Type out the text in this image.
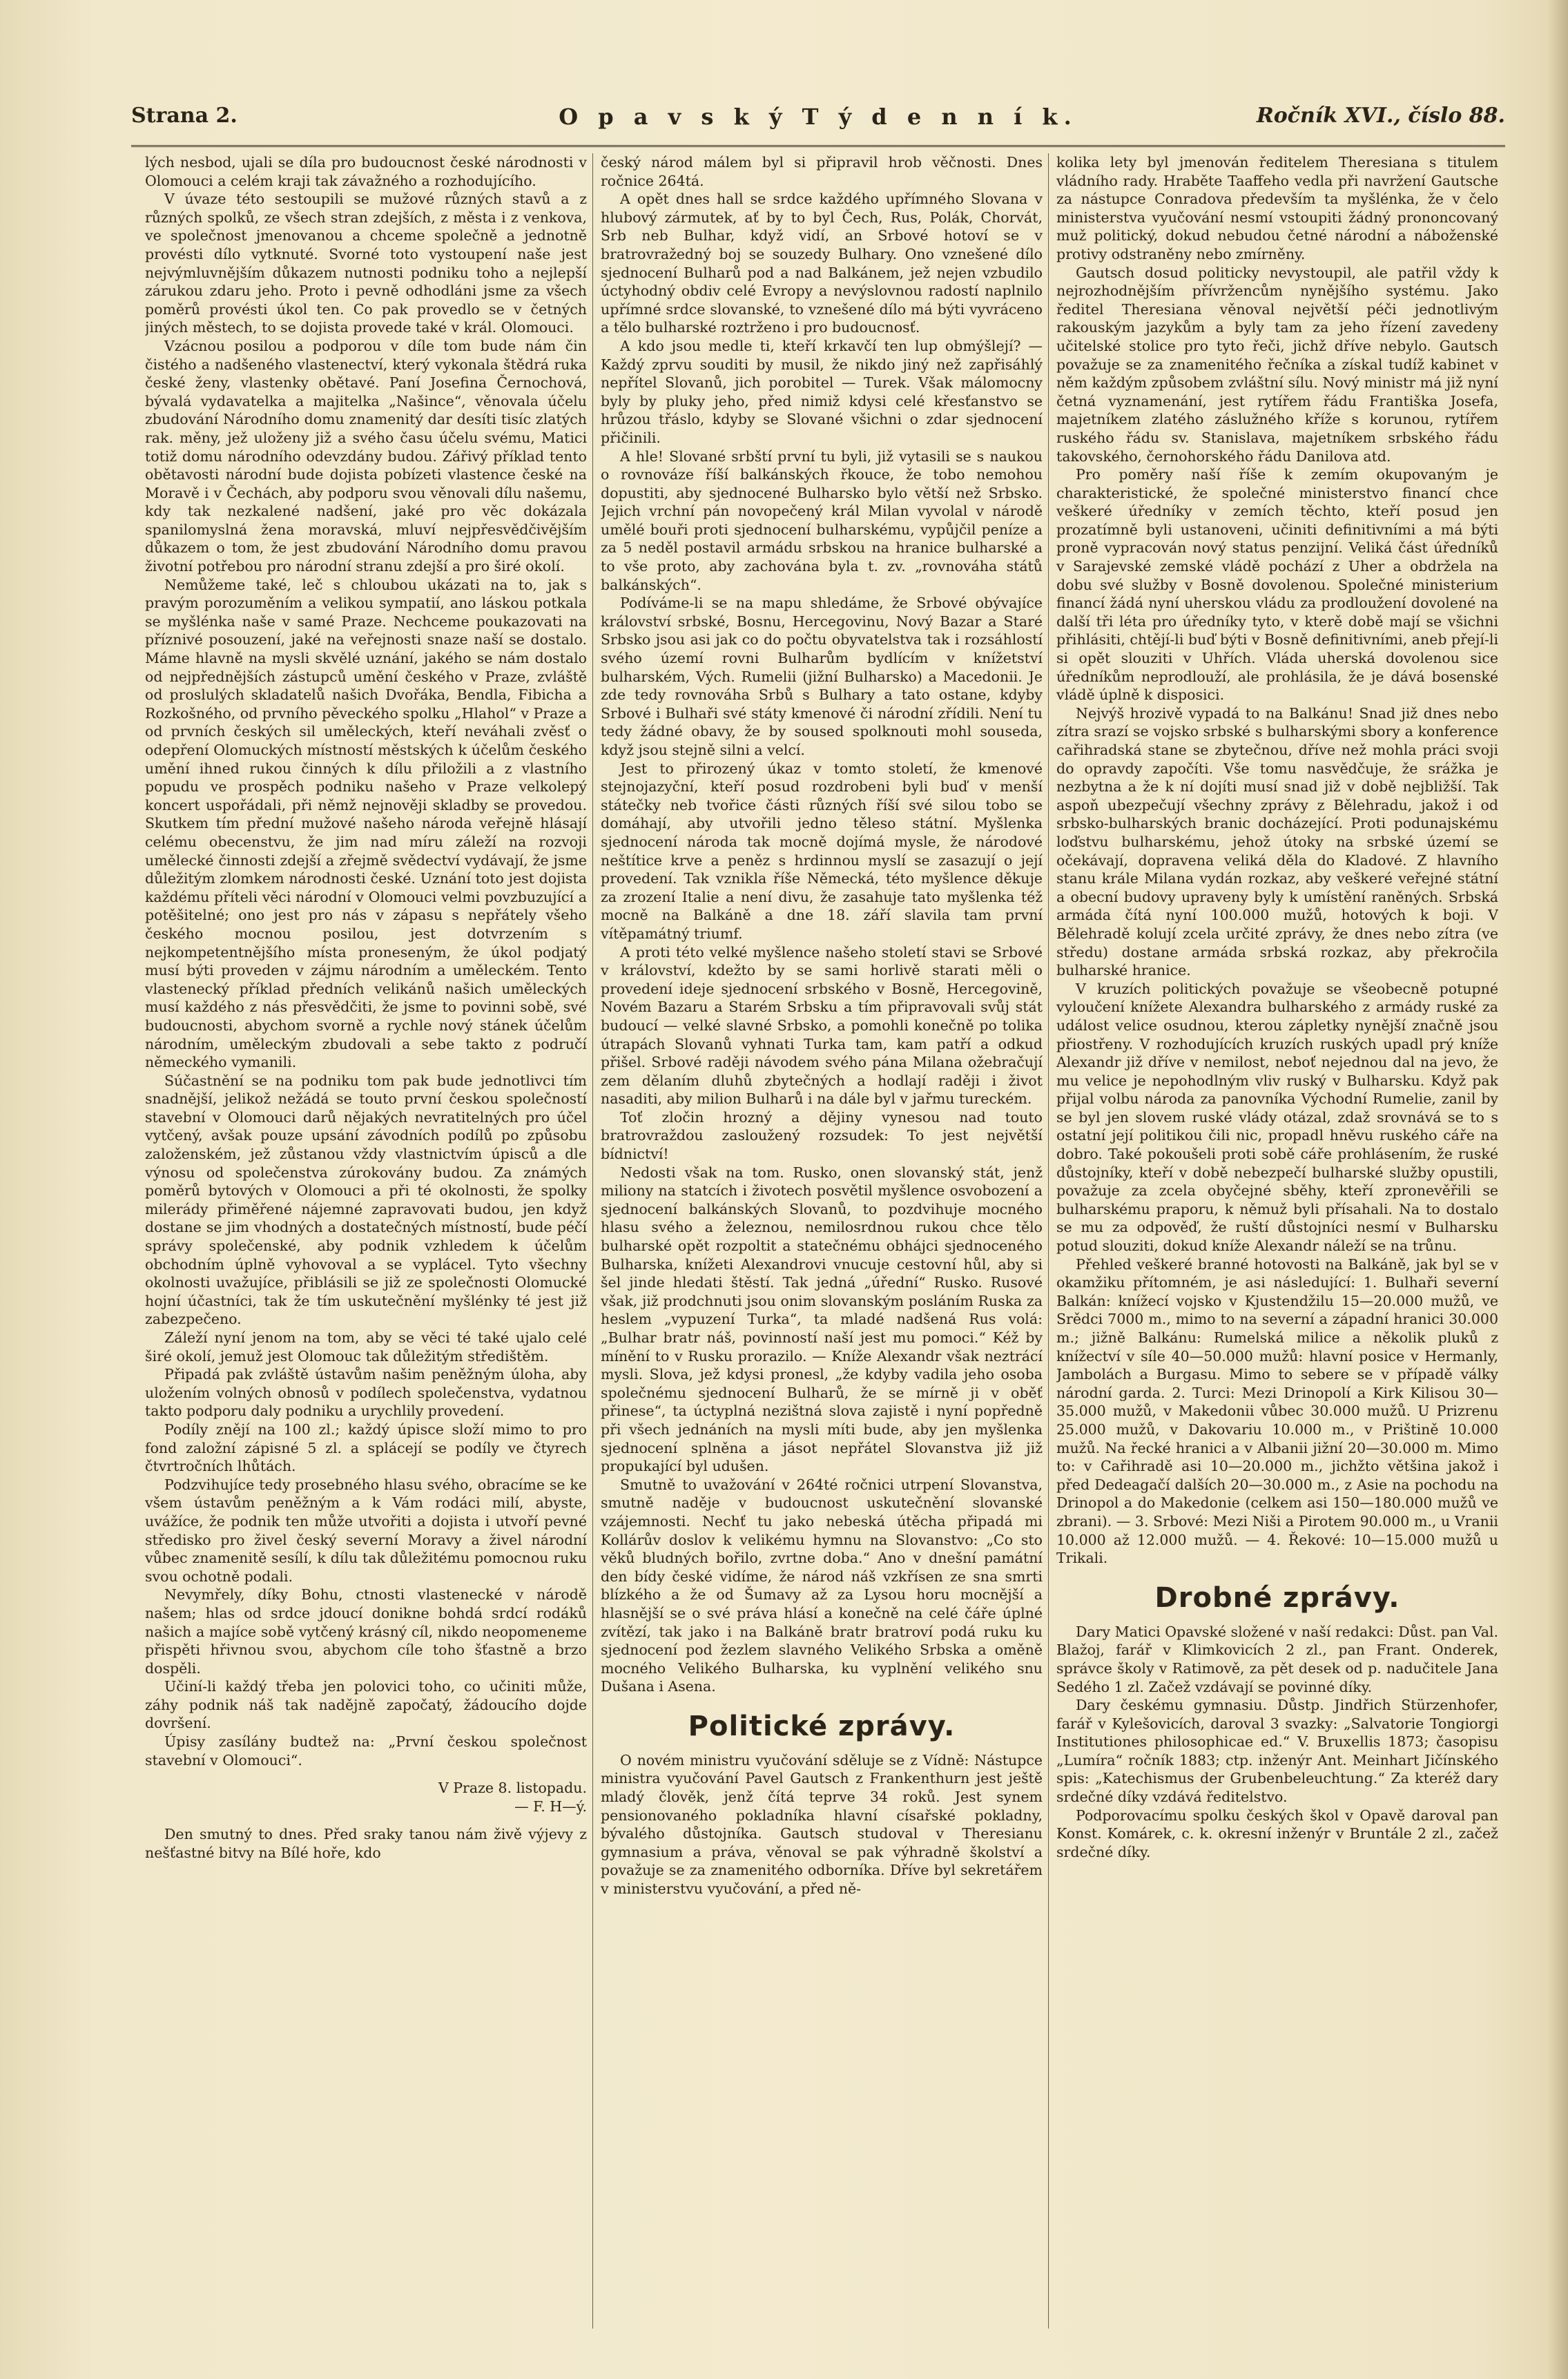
Strana 2.	O p a v s k ý T ý d e n n í k.	Ročník XVI., číslo 88.

lých nesbod, ujali se díla pro budoucnost české národnosti v Olomouci a celém kraji tak závažného a rozhodujícího.

V úvaze této sestoupili se mužové různých stavů a z různých spolků, ze všech stran zdejších, z města i z venkova, ve společnost jmenovanou a chceme společně a jednotně provésti dílo vytknuté. Svorné toto vystoupení naše jest nejvýmluvnějším důkazem nutnosti podniku toho a nejlepší zárukou zdaru jeho. Proto i pevně odhodláni jsme za všech poměrů provésti úkol ten. Co pak provedlo se v četných jiných městech, to se dojista provede také v král. Olomouci.

Vzácnou posilou a podporou v díle tom bude nám čin čistého a nadšeného vlastenectví, který vykonala štědrá ruka české ženy, vlastenky obětavé. Paní Josefina Černochová, bývalá vydavatelka a majitelka „Našince“, věnovala účelu zbudování Národního domu znamenitý dar desíti tisíc zlatých rak. měny, jež uloženy již a svého času účelu svému, Matici totiž domu národního odevzdány budou. Zářivý příklad tento obětavosti národní bude dojista pobízeti vlastence české na Moravě i v Čechách, aby podporu svou věnovali dílu našemu, kdy tak nezkalené nadšení, jaké pro věc dokázala spanilomyslná žena moravská, mluví nejpřesvědčivějším důkazem o tom, že jest zbudování Národního domu pravou životní potřebou pro národní stranu zdejší a pro širé okolí.

Nemůžeme také, leč s chloubou ukázati na to, jak s pravým porozuměním a velikou sympatií, ano láskou potkala se myšlénka naše v samé Praze. Nechceme poukazovati na příznivé posouzení, jaké na veřejnosti snaze naší se dostalo. Máme hlavně na mysli skvělé uznání, jakého se nám dostalo od nejpřednějších zástupců umění českého v Praze, zvláště od proslulých skladatelů našich Dvořáka, Bendla, Fibicha a Rozkošného, od prvního pěveckého spolku „Hlahol“ v Praze a od prvních českých sil uměleckých, kteří neváhali zvěsť o odepření Olomuckých místností městských k účelům českého umění ihned rukou činných k dílu přiložili a z vlastního popudu ve prospěch podniku našeho v Praze velkolepý koncert uspořádali, při němž nejnověji skladby se provedou. Skutkem tím přední mužové našeho národa veřejně hlásají celému obecenstvu, že jim nad míru záleží na rozvoji umělecké činnosti zdejší a zřejmě svědectví vydávají, že jsme důležitým zlomkem národnosti české. Uznání toto jest dojista každému příteli věci národní v Olomouci velmi povzbuzující a potěšitelné; ono jest pro nás v zápasu s nepřátely všeho českého mocnou posilou, jest dotvrzením s nejkompetentnějšího místa proneseným, že úkol podjatý musí býti proveden v zájmu národním a uměleckém. Tento vlastenecký příklad předních velikánů našich uměleckých musí každého z nás přesvědčiti, že jsme to povinni sobě, své budoucnosti, abychom svorně a rychle nový stánek účelům národním, uměleckým zbudovali a sebe takto z područí německého vymanili.

Súčastnění se na podniku tom pak bude jednotlivci tím snadnější, jelikož nežádá se touto první českou společností stavební v Olomouci darů nějakých nevratitelných pro účel vytčený, avšak pouze upsání závodních podílů po způsobu založenském, jež zůstanou vždy vlastnictvím úpisců a dle výnosu od společenstva zúrokovány budou. Za známých poměrů bytových v Olomouci a při té okolnosti, že spolky milerády přiměřené nájemné zapravovati budou, jen když dostane se jim vhodných a dostatečných místností, bude péčí správy společenské, aby podnik vzhledem k účelům obchodním úplně vyhovoval a se vyplácel. Tyto všechny okolnosti uvažujíce, přiblásili se již ze společnosti Olomucké hojní účastníci, tak že tím uskutečnění myšlénky té jest již zabezpečeno.

Záleží nyní jenom na tom, aby se věci té také ujalo celé širé okolí, jemuž jest Olomouc tak důležitým středištěm.

Připadá pak zvláště ústavům našim peněžným úloha, aby uložením volných obnosů v podílech společenstva, vydatnou takto podporu daly podniku a urychlily provedení.

Podíly znějí na 100 zl.; každý úpisce složí mimo to pro fond založní zápisné 5 zl. a splácejí se podíly ve čtyrech čtvrtročních lhůtách.

Podzvihujíce tedy prosebného hlasu svého, obracíme se ke všem ústavům peněžným a k Vám rodáci milí, abyste, uvážíce, že podnik ten může utvořiti a dojista i utvoří pevné středisko pro živel český severní Moravy a živel národní vůbec znamenitě sesílí, k dílu tak důležitému pomocnou ruku svou ochotně podali.

Nevymřely, díky Bohu, ctnosti vlastenecké v národě našem; hlas od srdce jdoucí donikne bohdá srdcí rodáků našich a majíce sobě vytčený krásný cíl, nikdo neopomeneme přispěti hřivnou svou, abychom cíle toho šťastně a brzo dospěli.

Učiní-li každý třeba jen polovici toho, co učiniti může, záhy podnik náš tak nadějně započatý, žádoucího dojde dovršení.

Úpisy zasílány budtež na: „První českou společnost stavební v Olomouci“.

V Praze 8. listopadu.

— F. H—ý.

Den smutný to dnes. Před sraky tanou nám živě výjevy z nešťastné bitvy na Bílé hoře, kdo

český národ málem byl si připravil hrob věčnosti. Dnes ročnice 264tá.

A opět dnes hall se srdce každého upřímného Slovana v hlubový zármutek, ať by to byl Čech, Rus, Polák, Chorvát, Srb neb Bulhar, když vidí, an Srbové hotoví se v bratrovražedný boj se souzedy Bulhary. Ono vznešené dílo sjednocení Bulharů pod a nad Balkánem, jež nejen vzbudilo úctyhodný obdiv celé Evropy a nevýslovnou radostí naplnilo upřímné srdce slovanské, to vznešené dílo má býti vyvráceno a tělo bulharské roztrženo i pro budoucnosť.

A kdo jsou medle ti, kteří krkavčí ten lup obmýšlejí? — Každý zprvu souditi by musil, že nikdo jiný než zapřisáhlý nepřítel Slovanů, jich porobitel — Turek. Však málomocny byly by pluky jeho, před nimiž kdysi celé křesťanstvo se hrůzou třáslo, kdyby se Slované všichni o zdar sjednocení přičinili.

A hle! Slované srbští první tu byli, již vytasili se s naukou o rovnováze říší balkánských řkouce, že tobo nemohou dopustiti, aby sjednocené Bulharsko bylo větší než Srbsko. Jejich vrchní pán novopečený král Milan vyvolal v národě umělé bouři proti sjednocení bulharskému, vypůjčil peníze a za 5 neděl postavil armádu srbskou na hranice bulharské a to vše proto, aby zachována byla t. zv. „rovnováha států balkánských“.

Podíváme-li se na mapu shledáme, že Srbové obývajíce království srbské, Bosnu, Hercegovinu, Nový Bazar a Staré Srbsko jsou asi jak co do počtu obyvatelstva tak i rozsáhlostí svého území rovni Bulharům bydlícím v knížetství bulharském, Vých. Rumelii (jižní Bulharsko) a Macedonii. Je zde tedy rovnováha Srbů s Bulhary a tato ostane, kdyby Srbové i Bulhaři své státy kmenové či národní zřídili. Není tu tedy žádné obavy, že by soused spolknouti mohl souseda, když jsou stejně silni a velcí.

Jest to přirozený úkaz v tomto století, že kmenové stejnojazyční, kteří posud rozdrobeni byli buď v menší státečky neb tvořice části různých říší své silou tobo se domáhají, aby utvořili jedno těleso státní. Myšlenka sjednocení národa tak mocně dojímá mysle, že národové neštítice krve a peněz s hrdinnou myslí se zasazují o její provedení. Tak vznikla říše Německá, této myšlence děkuje za zrození Italie a není divu, že zasahuje tato myšlenka též mocně na Balkáně a dne 18. září slavila tam první vítěpamátný triumf.

A proti této velké myšlence našeho století stavi se Srbové v království, kdežto by se sami horlivě starati měli o provedení ideje sjednocení srbského v Bosně, Hercegovině, Novém Bazaru a Starém Srbsku a tím připravovali svůj stát budoucí — velké slavné Srbsko, a pomohli konečně po tolika útrapách Slovanů vyhnati Turka tam, kam patří a odkud přišel. Srbové raději návodem svého pána Milana ožebračují zem dělaním dluhů zbytečných a hodlají raději i život nasaditi, aby milion Bulharů i na dále byl v jařmu tureckém.

Toť zločin hrozný a dějiny vynesou nad touto bratrovraždou zasloužený rozsudek: To jest největší bídnictví!

Nedosti však na tom. Rusko, onen slovanský stát, jenž miliony na statcích i životech posvětil myšlence osvobození a sjednocení balkánských Slovanů, to pozdvihuje mocného hlasu svého a železnou, nemilosrdnou rukou chce tělo bulharské opět rozpoltit a statečnému obhájci sjednoceného Bulharska, knížeti Alexandrovi vnucuje cestovní hůl, aby si šel jinde hledati štěstí. Tak jedná „úřední“ Rusko. Rusové však, již prodchnuti jsou onim slovanským posláním Ruska za heslem „vypuzení Turka“, ta mladé nadšená Rus volá: „Bulhar bratr náš, povinností naší jest mu pomoci.“ Kéž by mínění to v Rusku prorazilo. — Kníže Alexandr však neztrácí mysli. Slova, jež kdysi pronesl, „že kdyby vadila jeho osoba společnému sjednocení Bulharů, že se mírně ji v oběť přinese“, ta úctyplná nezištná slova zajistě i nyní popředně při všech jednáních na mysli míti bude, aby jen myšlenka sjednocení splněna a jásot nepřátel Slovanstva již již propukající byl udušen.

Smutně to uvažování v 264té ročnici utrpení Slovanstva, smutně naděje v budoucnost uskutečnění slovanské vzájemnosti. Nechť tu jako nebeská útěcha připadá mi Kollárův doslov k velikému hymnu na Slovanstvo: „Co sto věků bludných bořilo, zvrtne doba.“ Ano v dnešní památní den bídy české vidíme, že národ náš vzkřísen ze sna smrti blízkého a že od Šumavy až za Lysou horu mocnější a hlasnější se o své práva hlásí a konečně na celé čáře úplné zvítězí, tak jako i na Balkáně bratr bratroví podá ruku ku sjednocení pod žezlem slavného Velikého Srbska a oměně mocného Velikého Bulharska, ku vyplnění velikého snu Dušana i Asena.

Politické zprávy.

O novém ministru vyučování sděluje se z Vídně: Nástupce ministra vyučování Pavel Gautsch z Frankenthurn jest ještě mladý člověk, jenž čítá teprve 34 roků. Jest synem pensionovaného pokladníka hlavní císařské pokladny, bývalého důstojníka. Gautsch studoval v Theresianu gymnasium a práva, věnoval se pak výhradně školství a považuje se za znamenitého odborníka. Dříve byl sekretářem v ministerstvu vyučování, a před ně-

kolika lety byl jmenován ředitelem Theresiana s titulem vládního rady. Hraběte Taaffeho vedla při navržení Gautsche za nástupce Conradova především ta myšlénka, že v čelo ministerstva vyučování nesmí vstoupiti žádný prononcovaný muž politický, dokud nebudou četné národní a náboženské protivy odstraněny nebo zmírněny.

Gautsch dosud politicky nevystoupil, ale patřil vždy k nejrozhodnějším přívržencům nynějšího systému. Jako ředitel Theresiana věnoval největší péči jednotlivým rakouským jazykům a byly tam za jeho řízení zavedeny učitelské stolice pro tyto řeči, jichž dříve nebylo. Gautsch považuje se za znamenitého řečníka a získal tudíž kabinet v něm každým způsobem zvláštní sílu. Nový ministr má již nyní četná vyznamenání, jest rytířem řádu Františka Josefa, majetníkem zlatého záslužného kříže s korunou, rytířem ruského řádu sv. Stanislava, majetníkem srbského řádu takovského, černohorského řádu Danilova atd.

Pro poměry naší říše k zemím okupovaným je charakteristické, že společné ministerstvo financí chce veškeré úředníky v zemích těchto, kteří posud jen prozatímně byli ustanoveni, učiniti definitivními a má býti proně vypracován nový status penzijní. Veliká část úředníků v Sarajevské zemské vládě pochází z Uher a obdržela na dobu své služby v Bosně dovolenou. Společné ministerium financí žádá nyní uherskou vládu za prodloužení dovolené na další tři léta pro úředníky tyto, v kterě době mají se všichni přihlásiti, chtějí-li buď býti v Bosně definitivními, aneb přejí-li si opět slouziti v Uhřích. Vláda uherská dovolenou sice úředníkům neprodlouží, ale prohlásila, že je dává bosenské vládě úplně k disposici.

Nejvýš hrozivě vypadá to na Balkánu! Snad již dnes nebo zítra srazí se vojsko srbské s bulharskými sbory a konference cařihradská stane se zbytečnou, dříve než mohla práci svoji do opravdy započíti. Vše tomu nasvědčuje, že srážka je nezbytna a že k ní dojíti musí snad již v době nejbližší. Tak aspoň ubezpečují všechny zprávy z Bělehradu, jakož i od srbsko-bulharských branic docházející. Proti podunajskému loďstvu bulharskému, jehož útoky na srbské území se očekávají, dopravena veliká děla do Kladové. Z hlavního stanu krále Milana vydán rozkaz, aby veškeré veřejné státní a obecní budovy upraveny byly k umístění raněných. Srbská armáda čítá nyní 100.000 mužů, hotových k boji. V Bělehradě kolují zcela určité zprávy, že dnes nebo zítra (ve středu) dostane armáda srbská rozkaz, aby překročila bulharské hranice.

V kruzích politických považuje se všeobecně potupné vyloučení knížete Alexandra bulharského z armády ruské za událost velice osudnou, kterou zápletky nynější značně jsou přiostřeny. V rozhodujících kruzích ruských upadl prý kníže Alexandr již dříve v nemilost, neboť nejednou dal na jevo, že mu velice je nepohodlným vliv ruský v Bulharsku. Když pak přijal volbu národa za panovníka Východní Rumelie, zanil by se byl jen slovem ruské vlády otázal, zdaž srovnává se to s ostatní její politikou čili nic, propadl hněvu ruského cáře na dobro. Také pokoušeli proti sobě cáře prohlásením, že ruské důstojníky, kteří v době nebezpečí bulharské služby opustili, považuje za zcela obyčejné sběhy, kteří zpronevěřili se bulharskému praporu, k němuž byli přísahali. Na to dostalo se mu za odpověď, že ruští důstojníci nesmí v Bulharsku potud slouziti, dokud kníže Alexandr náleží se na trůnu.

Přehled veškeré branné hotovosti na Balkáně, jak byl se v okamžiku přítomném, je asi následující: 1. Bulhaři severní Balkán: knížecí vojsko v Kjustendžilu 15—20.000 mužů, ve Srědci 7000 m., mimo to na severní a západní hranici 30.000 m.; jižně Balkánu: Rumelská milice a několik pluků z knížectví v síle 40—50.000 mužů: hlavní posice v Hermanly, Jambolách a Burgasu. Mimo to sebere se v případě války národní garda. 2. Turci: Mezi Drinopolí a Kirk Kilisou 30—35.000 mužů, v Makedonii vůbec 30.000 mužů. U Prizrenu 25.000 mužů, v Dakovariu 10.000 m., v Prištině 10.000 mužů. Na řecké hranici a v Albanii jižní 20—30.000 m. Mimo to: v Cařihradě asi 10—20.000 m., jichžto většina jakož i před Dedeagačí dalších 20—30.000 m., z Asie na pochodu na Drinopol a do Makedonie (celkem asi 150—180.000 mužů ve zbrani). — 3. Srbové: Mezi Niši a Pirotem 90.000 m., u Vranii 10.000 až 12.000 mužů. — 4. Řekové: 10—15.000 mužů u Trikali.

Drobné zprávy.

Dary Matici Opavské složené v naší redakci: Důst. pan Val. Blažoj, farář v Klimkovicích 2 zl., pan Frant. Onderek, správce školy v Ratimově, za pět desek od p. nadučitele Jana Sedého 1 zl. Začež vzdávají se povinné díky.

Dary českému gymnasiu. Důstp. Jindřich Stürzenhofer, farář v Kylešovicích, daroval 3 svazky: „Salvatorie Tongiorgi Institutiones philosophicae ed.“ V. Bruxellis 1873; časopisu „Lumíra“ ročník 1883; ctp. inženýr Ant. Meinhart Jičínského spis: „Katechismus der Grubenbeleuchtung.“ Za kteréž dary srdečné díky vzdává ředitelstvo.

Podporovacímu spolku českých škol v Opavě daroval pan Konst. Komárek, c. k. okresní inženýr v Bruntále 2 zl., začež srdečné díky.
